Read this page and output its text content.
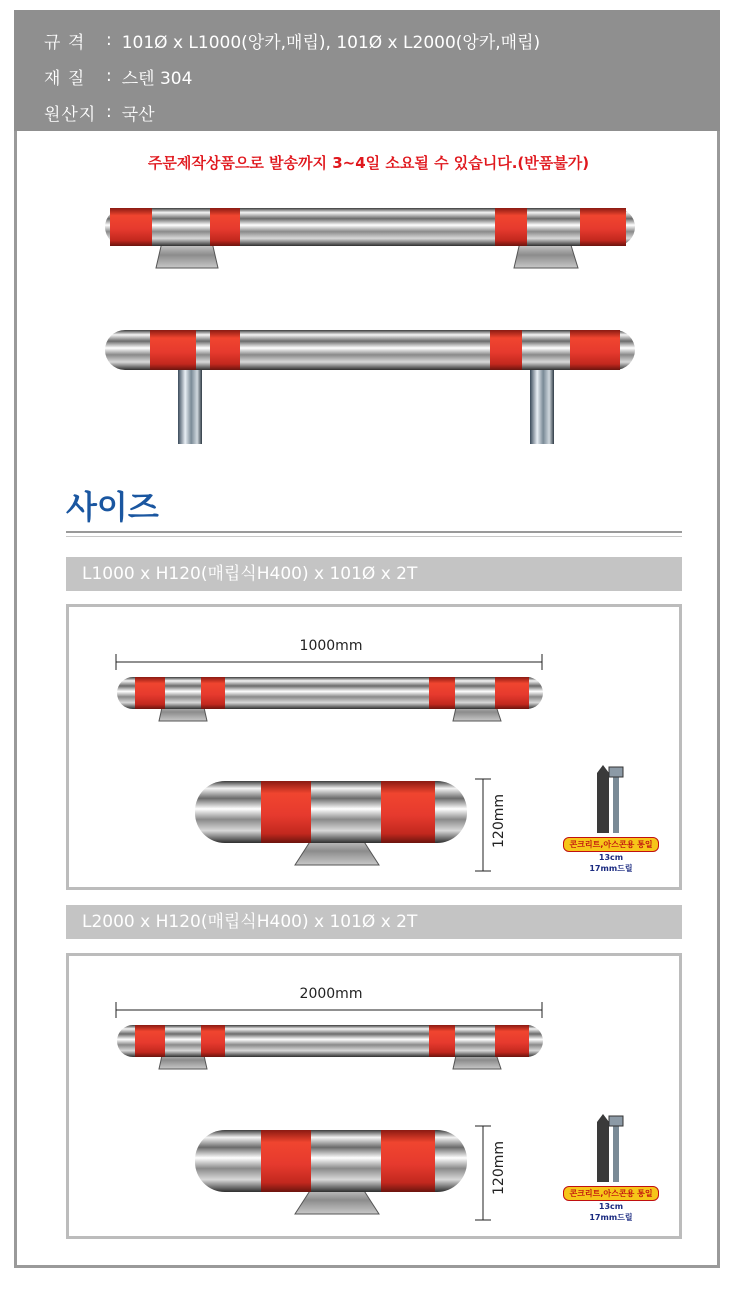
규 격	: 101Ø x L1000(앙카,매립), 101Ø x L2000(앙카,매립)
재 질	: 스텐 304
원산지 : 국산
주문제작상품으로 발송까지 3~4일 소요될 수 있습니다.(반품불가)
사이즈
L1000 x H120(매립식H400) x 101Ø x 2T
1000mm
120mm	콘크리트,아스콘용 통일
13cm
17mm드릴
L2000 x H120(매립식H400) x 101Ø x 2T
2000mm
120mm	콘크리트,아스콘용 통일
13cm
17mm드릴
